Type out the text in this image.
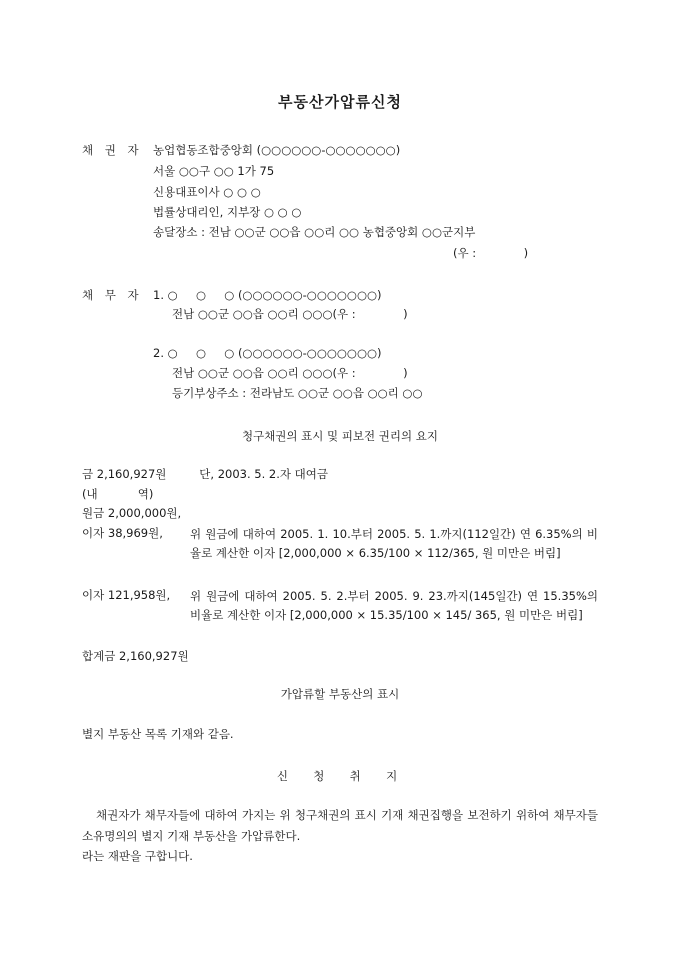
부동산가압류신청
채 권 자 농업협동조합중앙회 (○○○○○○-○○○○○○○)
서울 ○○구 ○○ 1가 75
신용대표이사 ○ ○ ○
법률상대리인, 지부장 ○ ○ ○
송달장소 : 전남 ○○군 ○○읍 ○○리 ○○ 농협중앙회 ○○군지부
(우 :             )
채 무 자 1. ○     ○     ○ (○○○○○○-○○○○○○○)
전남 ○○군 ○○읍 ○○리 ○○○(우 :             )
2. ○     ○     ○ (○○○○○○-○○○○○○○)
전남 ○○군 ○○읍 ○○리 ○○○(우 :             )
등기부상주소 : 전라남도 ○○군 ○○읍 ○○리 ○○
청구채권의 표시 및 피보전 권리의 요지
금 2,160,927원         단, 2003. 5. 2.자 대여금
(내           역)
원금 2,000,000원,
이자 38,969원, 위 원금에 대하여 2005. 1. 10.부터 2005. 5. 1.까지(112일간) 연 6.35%의 비율로 계산한 이자 [2,000,000 × 6.35/100 × 112/365, 원 미만은 버림]
이자 121,958원, 위 원금에 대하여 2005. 5. 2.부터 2005. 9. 23.까지(145일간) 연 15.35%의 비율로 계산한 이자 [2,000,000 × 15.35/100 × 145/ 365, 원 미만은 버림]
합계금 2,160,927원
가압류할 부동산의 표시
별지 부동산 목록 기재와 같음.
신  청  취  지
채권자가 채무자들에 대하여 가지는 위 청구채권의 표시 기재 채권집행을 보전하기 위하여 채무자들 소유명의의 별지 기재 부동산을 가압류한다.
라는 재판을 구합니다.
